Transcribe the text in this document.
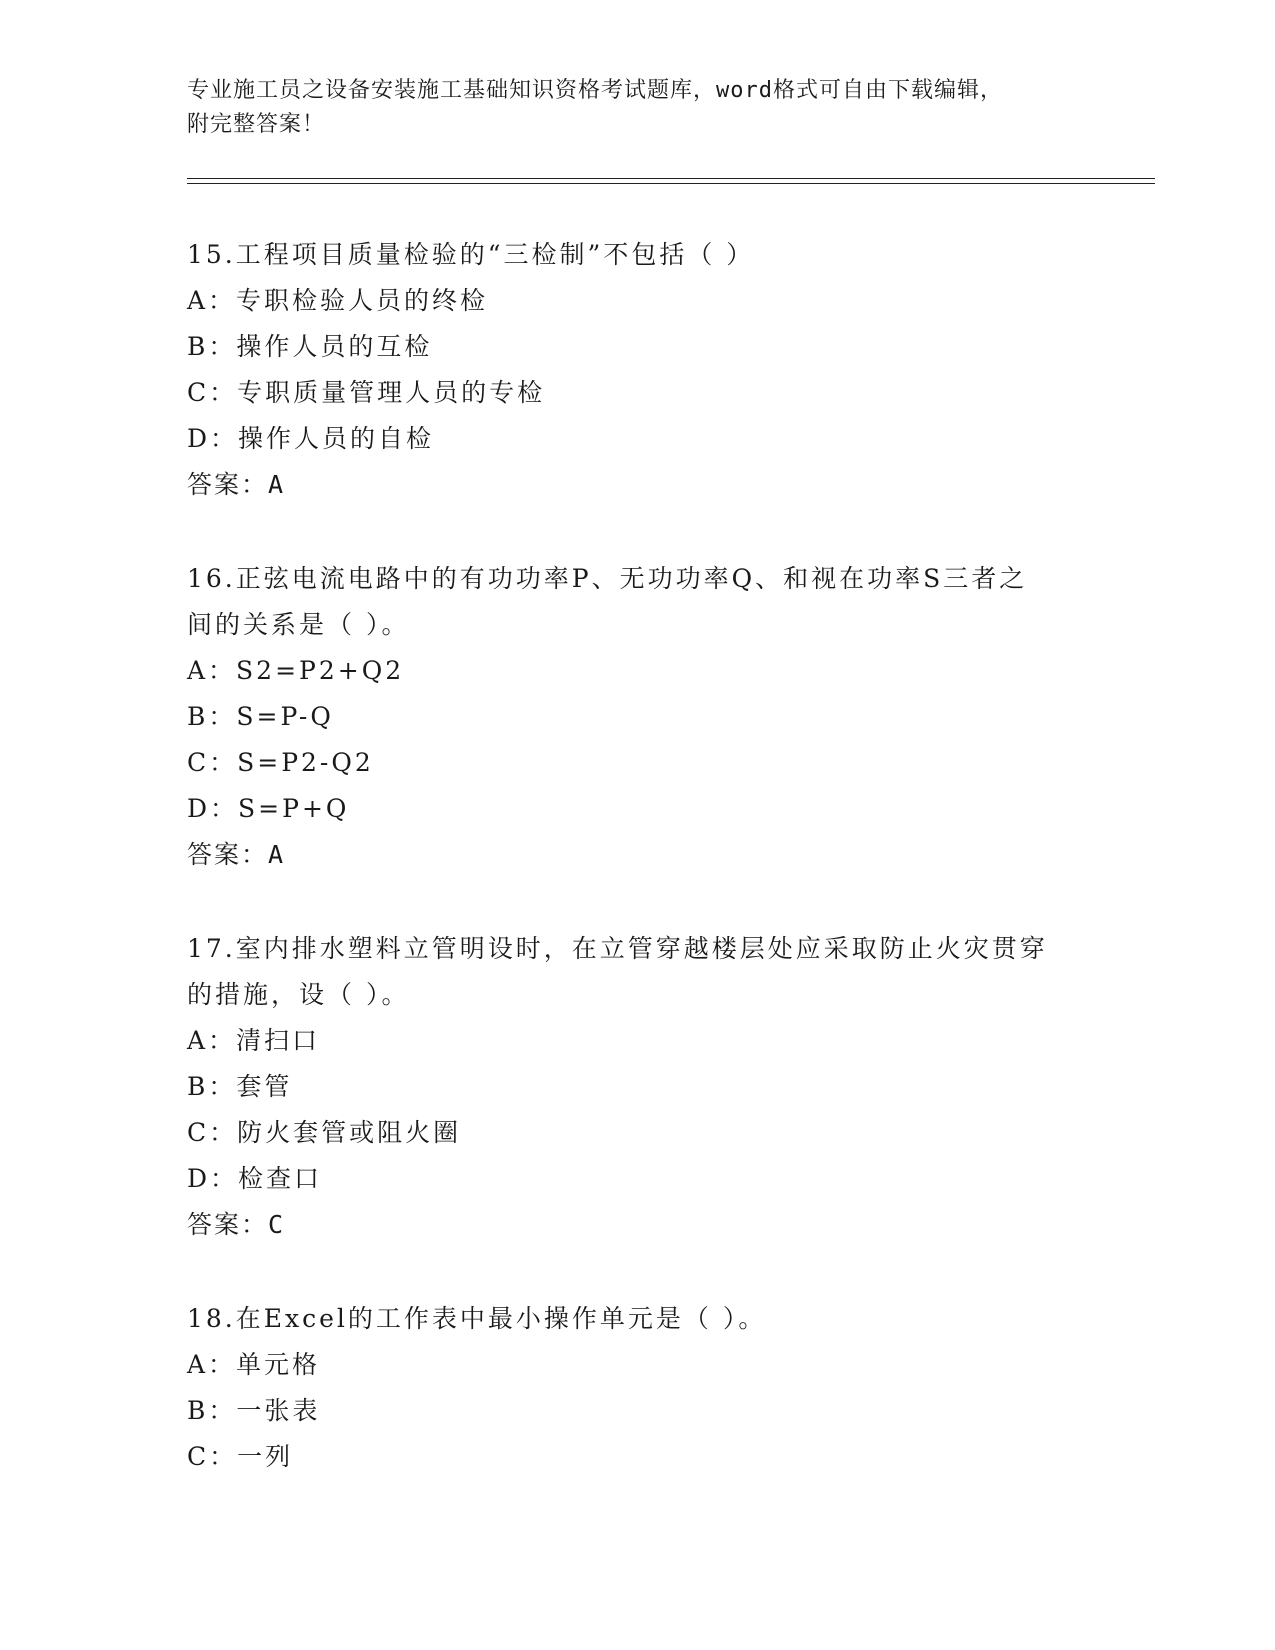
专业施工员之设备安装施工基础知识资格考试题库，word格式可自由下载编辑，
附完整答案！
15.工程项目质量检验的“三检制”不包括（ ）
A：专职检验人员的终检
B：操作人员的互检
C：专职质量管理人员的专检
D：操作人员的自检
答案：A
16.正弦电流电路中的有功功率P、无功功率Q、和视在功率S三者之
间的关系是（ ）。
A：S2=P2+Q2
B：S=P-Q
C：S=P2-Q2
D：S=P+Q
答案：A
17.室内排水塑料立管明设时，在立管穿越楼层处应采取防止火灾贯穿
的措施，设（ ）。
A：清扫口
B：套管
C：防火套管或阻火圈
D：检查口
答案：C
18.在Excel的工作表中最小操作单元是（ ）。
A：单元格
B：一张表
C：一列
